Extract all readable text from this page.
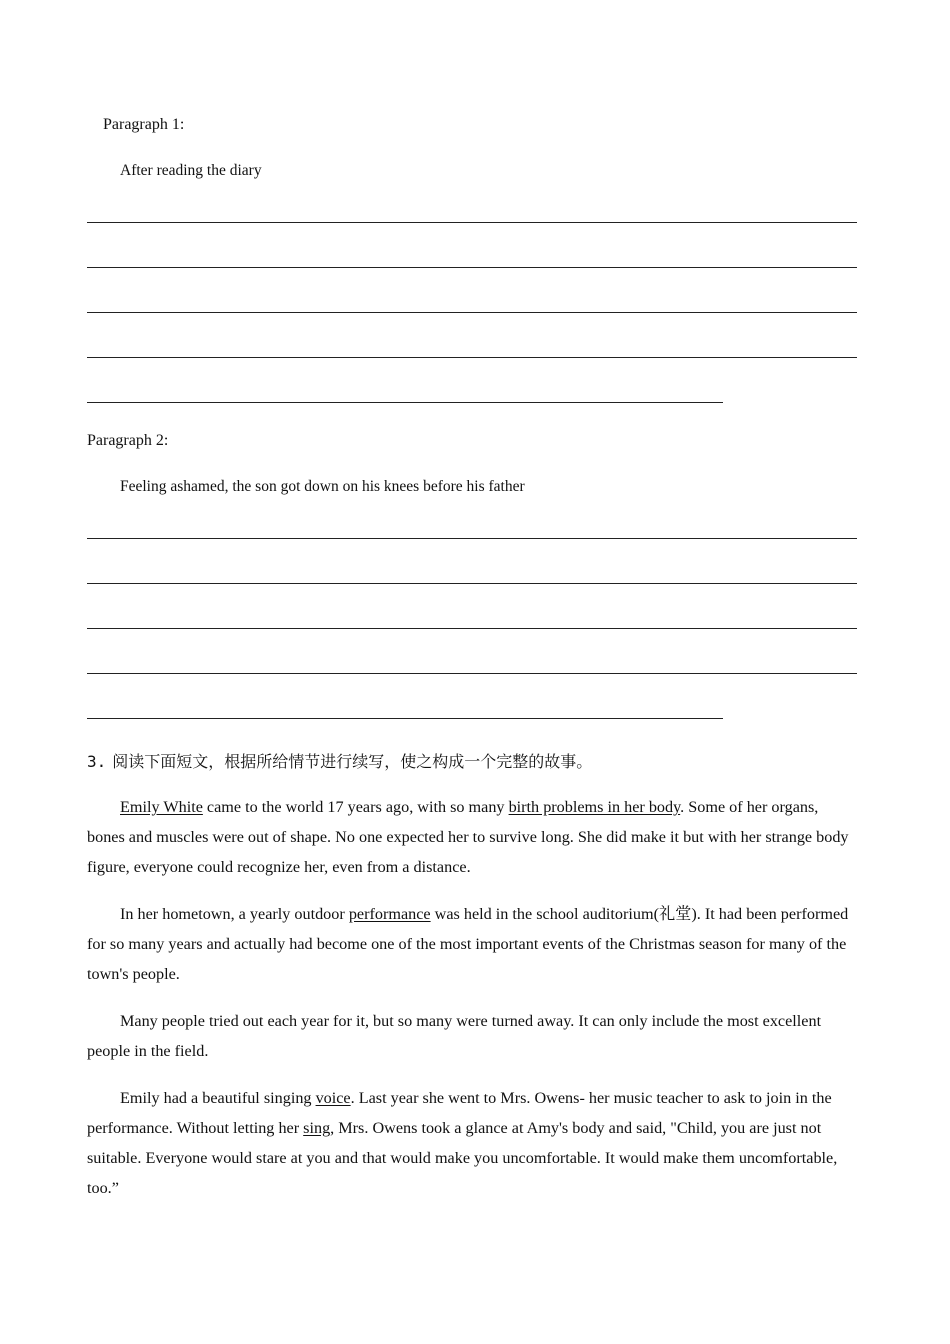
Paragraph 1:
After reading the diary
Paragraph 2:
Feeling ashamed, the son got down on his knees before his father
3. 阅读下面短文，根据所给情节进行续写，使之构成一个完整的故事。

Emily White came to the world 17 years ago, with so many birth problems in her body. Some of her organs, bones and muscles were out of shape. No one expected her to survive long. She did make it but with her strange body figure, everyone could recognize her, even from a distance.

In her hometown, a yearly outdoor performance was held in the school auditorium(礼堂). It had been performed for so many years and actually had become one of the most important events of the Christmas season for many of the town's people.

Many people tried out each year for it, but so many were turned away. It can only include the most excellent people in the field.

Emily had a beautiful singing voice. Last year she went to Mrs. Owens- her music teacher to ask to join in the performance. Without letting her sing, Mrs. Owens took a glance at Amy's body and said, "Child, you are just not suitable. Everyone would stare at you and that would make you uncomfortable. It would make them uncomfortable, too.”
